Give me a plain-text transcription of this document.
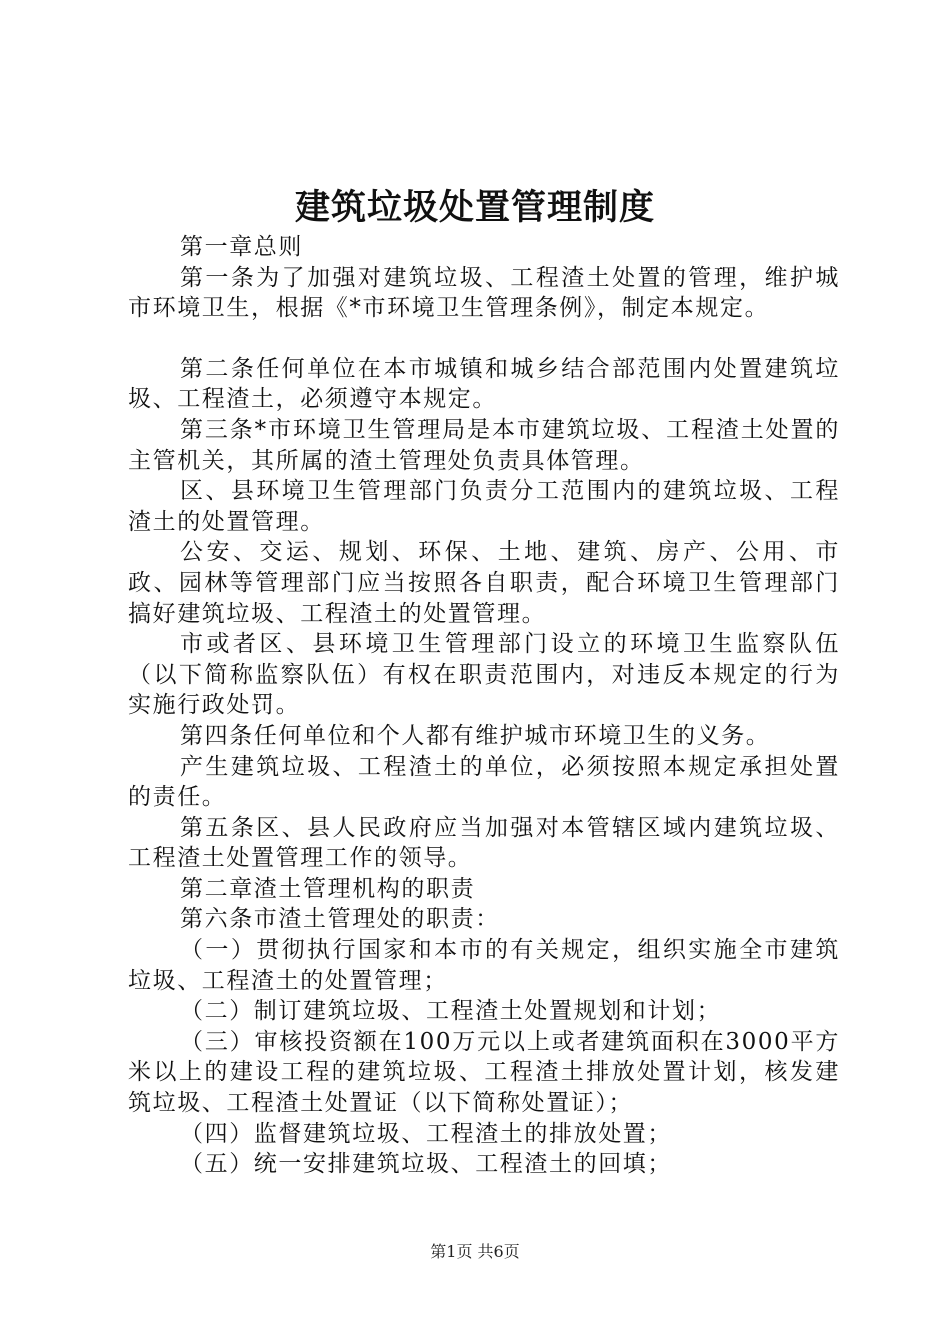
建筑垃圾处置管理制度

第一章总则

第一条为了加强对建筑垃圾、工程渣土处置的管理，维护城市环境卫生，根据《*市环境卫生管理条例》，制定本规定。

第二条任何单位在本市城镇和城乡结合部范围内处置建筑垃圾、工程渣土，必须遵守本规定。

第三条*市环境卫生管理局是本市建筑垃圾、工程渣土处置的主管机关，其所属的渣土管理处负责具体管理。

区、县环境卫生管理部门负责分工范围内的建筑垃圾、工程渣土的处置管理。

公安、交运、规划、环保、土地、建筑、房产、公用、市政、园林等管理部门应当按照各自职责，配合环境卫生管理部门搞好建筑垃圾、工程渣土的处置管理。

市或者区、县环境卫生管理部门设立的环境卫生监察队伍（以下简称监察队伍）有权在职责范围内，对违反本规定的行为实施行政处罚。

第四条任何单位和个人都有维护城市环境卫生的义务。

产生建筑垃圾、工程渣土的单位，必须按照本规定承担处置的责任。

第五条区、县人民政府应当加强对本管辖区域内建筑垃圾、工程渣土处置管理工作的领导。

第二章渣土管理机构的职责

第六条市渣土管理处的职责：

（一）贯彻执行国家和本市的有关规定，组织实施全市建筑垃圾、工程渣土的处置管理；

（二）制订建筑垃圾、工程渣土处置规划和计划；

（三）审核投资额在100万元以上或者建筑面积在3000平方米以上的建设工程的建筑垃圾、工程渣土排放处置计划，核发建筑垃圾、工程渣土处置证（以下简称处置证）；

（四）监督建筑垃圾、工程渣土的排放处置；

（五）统一安排建筑垃圾、工程渣土的回填；

第1页 共6页
